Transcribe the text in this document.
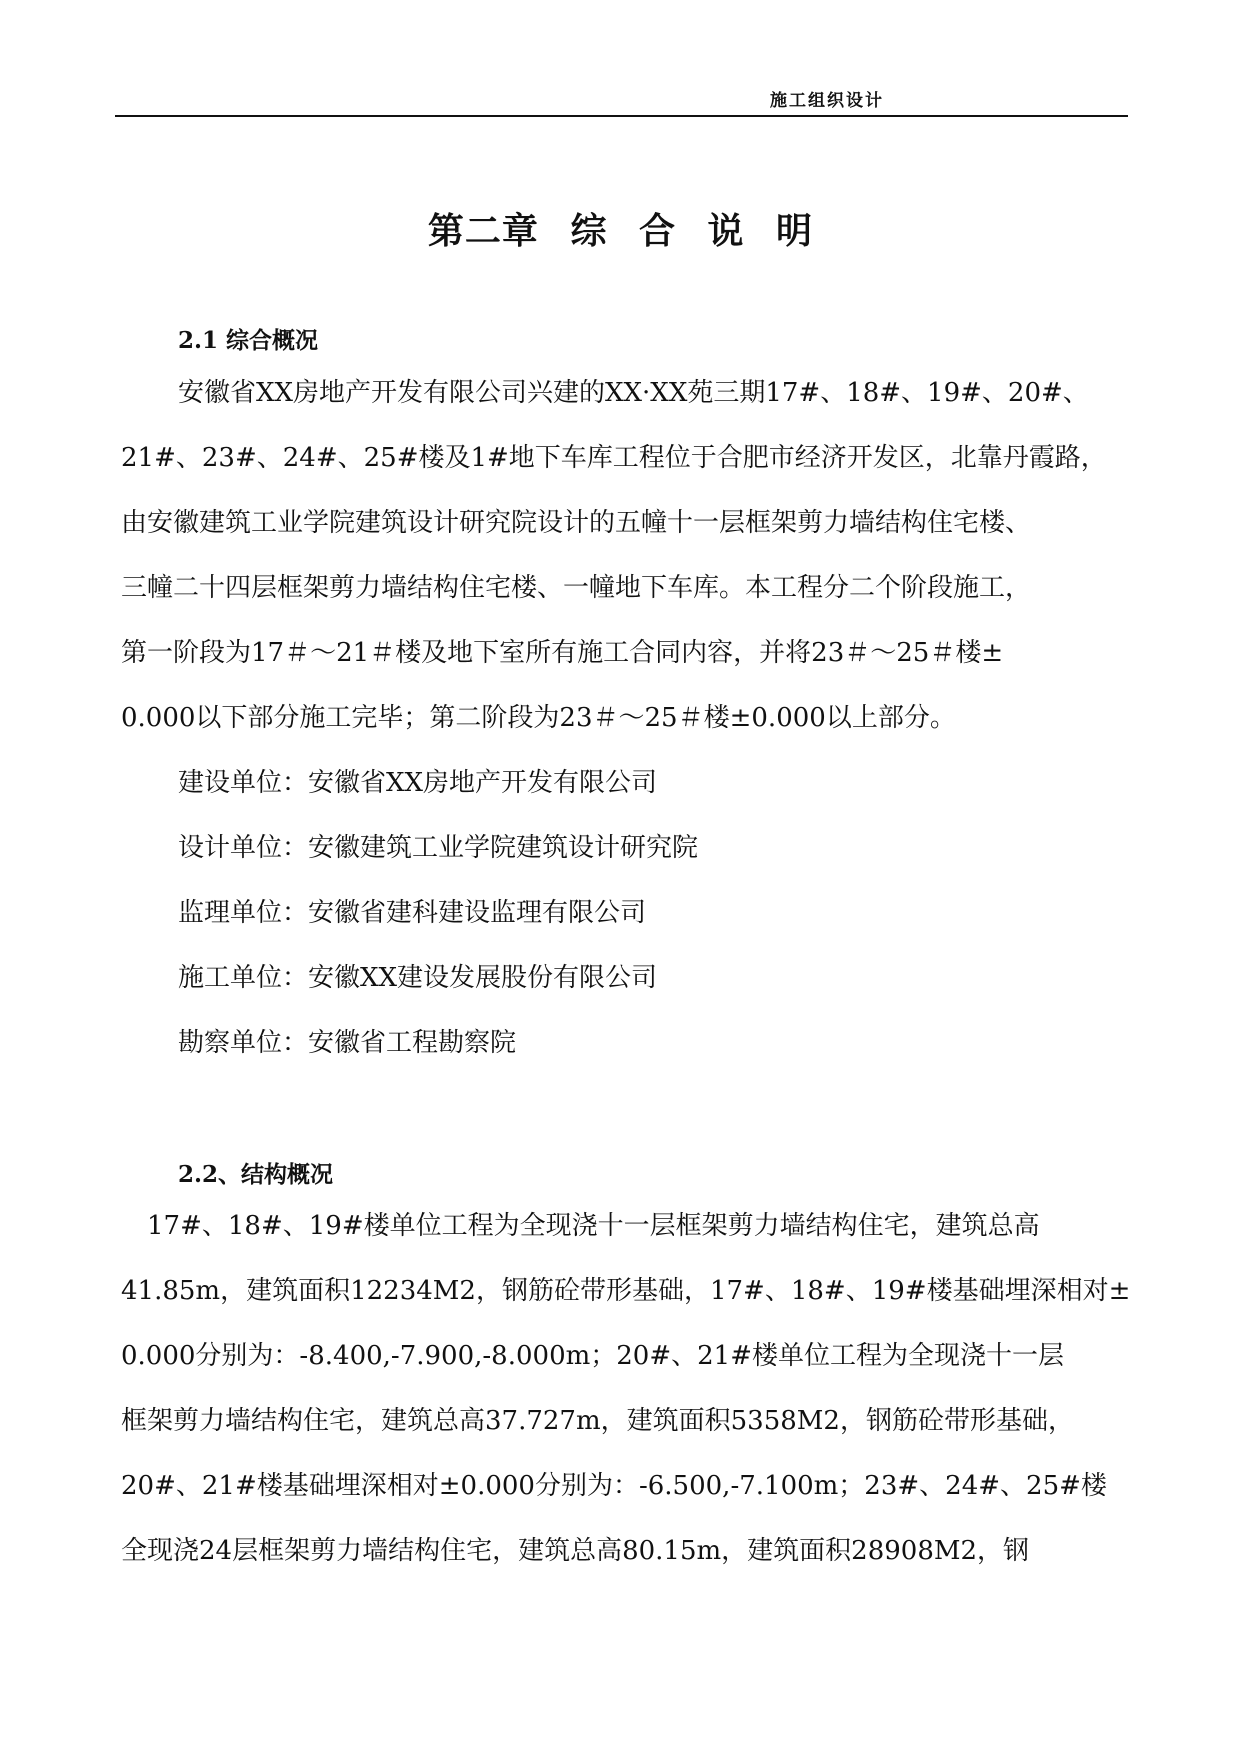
施工组织设计
第二章 综 合 说 明
2.1 综合概况
安徽省XX房地产开发有限公司兴建的XX·XX苑三期17#、18#、19#、20#、
21#、23#、24#、25#楼及1#地下车库工程位于合肥市经济开发区，北靠丹霞路，
由安徽建筑工业学院建筑设计研究院设计的五幢十一层框架剪力墙结构住宅楼、
三幢二十四层框架剪力墙结构住宅楼、一幢地下车库。本工程分二个阶段施工，
第一阶段为17＃～21＃楼及地下室所有施工合同内容，并将23＃～25＃楼±
0.000以下部分施工完毕；第二阶段为23＃～25＃楼±0.000以上部分。
建设单位：安徽省XX房地产开发有限公司
设计单位：安徽建筑工业学院建筑设计研究院
监理单位：安徽省建科建设监理有限公司
施工单位：安徽XX建设发展股份有限公司
勘察单位：安徽省工程勘察院
2.2、结构概况
17#、18#、19#楼单位工程为全现浇十一层框架剪力墙结构住宅，建筑总高
41.85m，建筑面积12234M2，钢筋砼带形基础，17#、18#、19#楼基础埋深相对±
0.000分别为：-8.400,-7.900,-8.000m；20#、21#楼单位工程为全现浇十一层
框架剪力墙结构住宅，建筑总高37.727m，建筑面积5358M2，钢筋砼带形基础，
20#、21#楼基础埋深相对±0.000分别为：-6.500,-7.100m；23#、24#、25#楼
全现浇24层框架剪力墙结构住宅，建筑总高80.15m，建筑面积28908M2，钢
